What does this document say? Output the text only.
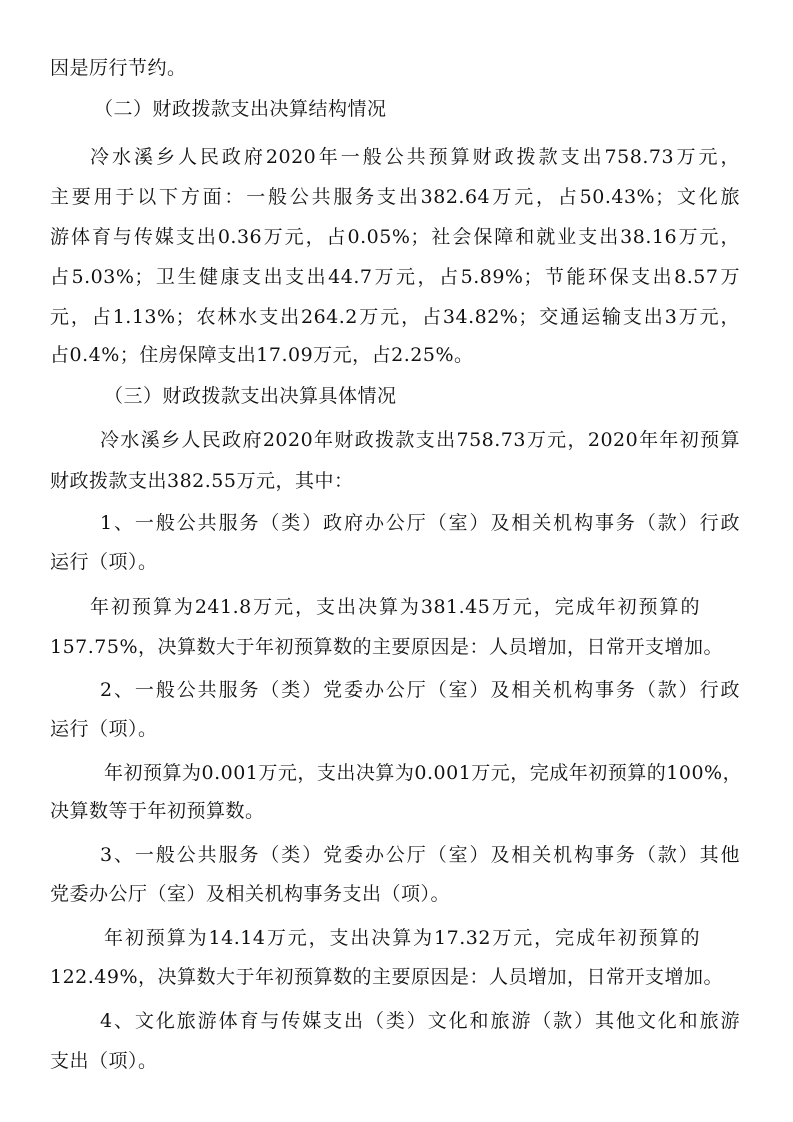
因是厉行节约。
（二）财政拨款支出决算结构情况
冷水溪乡人民政府2020年一般公共预算财政拨款支出758.73万元，
主要用于以下方面：一般公共服务支出382.64万元，占50.43%；文化旅
游体育与传媒支出0.36万元，占0.05%；社会保障和就业支出38.16万元，
占5.03%；卫生健康支出支出44.7万元，占5.89%；节能环保支出8.57万
元，占1.13%；农林水支出264.2万元，占34.82%；交通运输支出3万元，
占0.4%；住房保障支出17.09万元，占2.25%。
（三）财政拨款支出决算具体情况
冷水溪乡人民政府2020年财政拨款支出758.73万元，2020年年初预算
财政拨款支出382.55万元，其中：
1、一般公共服务（类）政府办公厅（室）及相关机构事务（款）行政
运行（项）。
年初预算为241.8万元，支出决算为381.45万元，完成年初预算的
157.75%，决算数大于年初预算数的主要原因是：人员增加，日常开支增加。
2、一般公共服务（类）党委办公厅（室）及相关机构事务（款）行政
运行（项）。
年初预算为0.001万元，支出决算为0.001万元，完成年初预算的100%，
决算数等于年初预算数。
3、一般公共服务（类）党委办公厅（室）及相关机构事务（款）其他
党委办公厅（室）及相关机构事务支出（项）。
年初预算为14.14万元，支出决算为17.32万元，完成年初预算的
122.49%，决算数大于年初预算数的主要原因是：人员增加，日常开支增加。
4、文化旅游体育与传媒支出（类）文化和旅游（款）其他文化和旅游
支出（项）。
